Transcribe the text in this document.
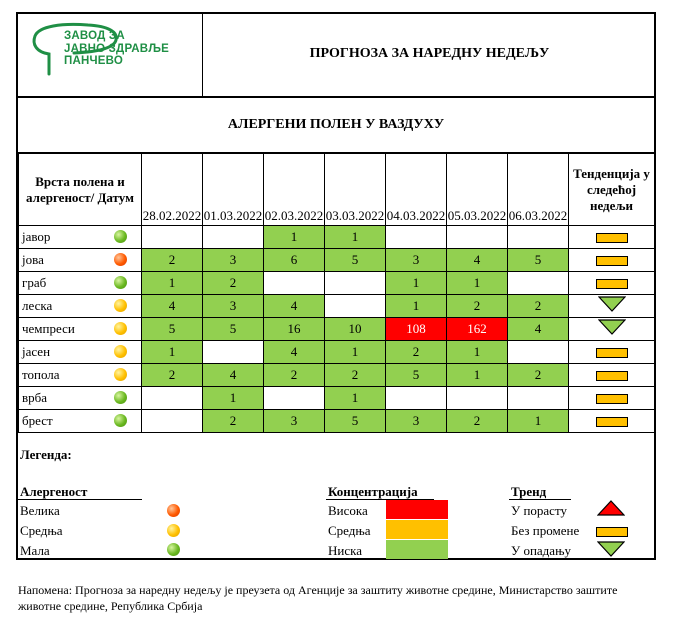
ЗАВОД ЗА
ЈАВНО ЗДРАВЉЕ
ПАНЧЕВО	ПРОГНОЗА ЗА НАРЕДНУ НЕДЕЉУ
АЛЕРГЕНИ ПОЛЕН У ВАЗДУХУ
Врста полена и алергеност/ Датум	28.02.2022	01.03.2022	02.03.2022	03.03.2022	04.03.2022	05.03.2022	06.03.2022	Тенденција у следећој недељи
јавор			1	1				
јова	2	3	6	5	3	4	5	
граб	1	2			1	1		
леска	4	3	4		1	2	2	
чемпреси	5	5	16	10	108	162	4	
јасен	1		4	1	2	1		
топола	2	4	2	2	5	1	2	
врба		1		1				
брест		2	3	5	3	2	1	
Легенда:
Алергеност
Велика
Средња
Мала
Концентрација
Висока
Средња
Ниска
Тренд
У порасту
Без промене
У опадању
Напомена: Прогноза за наредну недељу је преузета од Агенције за заштиту животне средине, Министарство заштите животне средине, Република Србија
